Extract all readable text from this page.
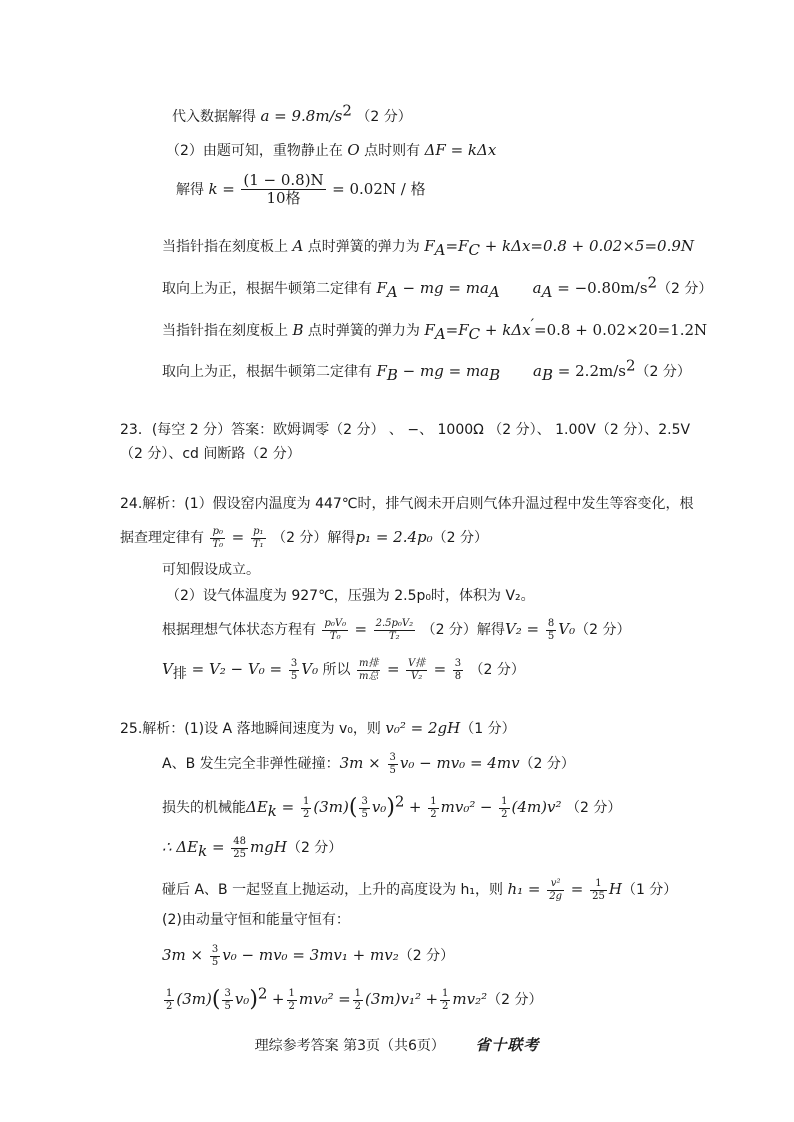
代入数据解得 $a = 9.8m/s^2$ （2 分）
（2）由题可知，重物静止在 O 点时则有 ΔF = kΔx
解得 $k = \frac{(1 - 0.8)N}{\text{10格}} = 0.02N$ / 格
当指针指在刻度板上 A 点时弹簧的弹力为 $F_A=F_C + k\Delta x=0.8 + 0.02\times 5=0.9N$
取向上为正，根据牛顿第二定律有 $F_A$ − mg = $ma_A$ $a_A = -0.80m/s^2(2$ 分）
当指针指在刻度板上 B 点时弹簧的弹力为 $F_A=F_C + k\Delta x'=0.8 + 0.02\times 20=1.2N$
取向上为正，根据牛顿第二定律有 $F_B$ − mg = $ma_B$ $a_B = 2.2m/s^2(2$ 分）
23．(每空 2 分）答案：欧姆调零（2 分） 、 −、 1000Ω （2 分）、 1.00V（2 分）、2.5V
（2 分）、cd 间断路（2 分）
24.解析：(1）假设窑内温度为 447℃时，排气阀未开启则气体升温过程中发生等容变化，根
据查理定律有 $\frac{\text{p₀}}{\text{T₀}} = \frac{\text{p₁}}{\text{T₁}} (2$ 分）解得p₁ = 2.4p₀（2 分）
可知假设成立。
（2）设气体温度为 927℃，压强为 2.5p₀时，体积为 V₂。
根据理想气体状态方程有 $\frac{\text{p₀V₀}}{\text{T₀}} = \frac{\text{2.5p₀V₂}}{\text{T₂}} (2$ 分）解得$V_2 = \frac{8}{5} V_0(2$ 分）
$V_排 = V_2 - V_0 = \frac{3}{5} V_0$ 所以 $\frac{\text{m排}}{\text{m总}} = \frac{\text{V排}}{\text{V₂}} = \frac{3}{8} (2$ 分）
25.解析：(1)设 A 落地瞬间速度为 v₀，则 v₀² = 2gH（1 分）
A、B 发生完全非弹性碰撞：$3m \times \frac{3}{5} v_0 - mv_0 = 4mv(2$ 分）
损失的机械能$\Delta E_k = \frac{1}{2} (3m)( \frac{3}{5} v_0)^2 + \frac{1}{2} mv_0^2 - \frac{1}{2} (4m)v^2$ （2 分）
∴ $\Delta E_k = \frac{48}{25} mgH(2$ 分）
碰后 A、B 一起竖直上抛运动，上升的高度设为 h₁，则 $h_1 = \frac{\text{v²}}{2g} = \frac{1}{25} H(1$ 分）
(2)由动量守恒和能量守恒有：
$3m \times \frac{3}{5} v_0 - mv_0 = 3mv_1 + mv_2(2$ 分）
$\frac{1}{2} (3m)( \frac{3}{5} v_0)^2 + \frac{1}{2} mv_0^2 = \frac{1}{2} (3m)v_1^2 + \frac{1}{2} mv_2^2(2$ 分）
理综参考答案 第3页（共6页） 省十联考
